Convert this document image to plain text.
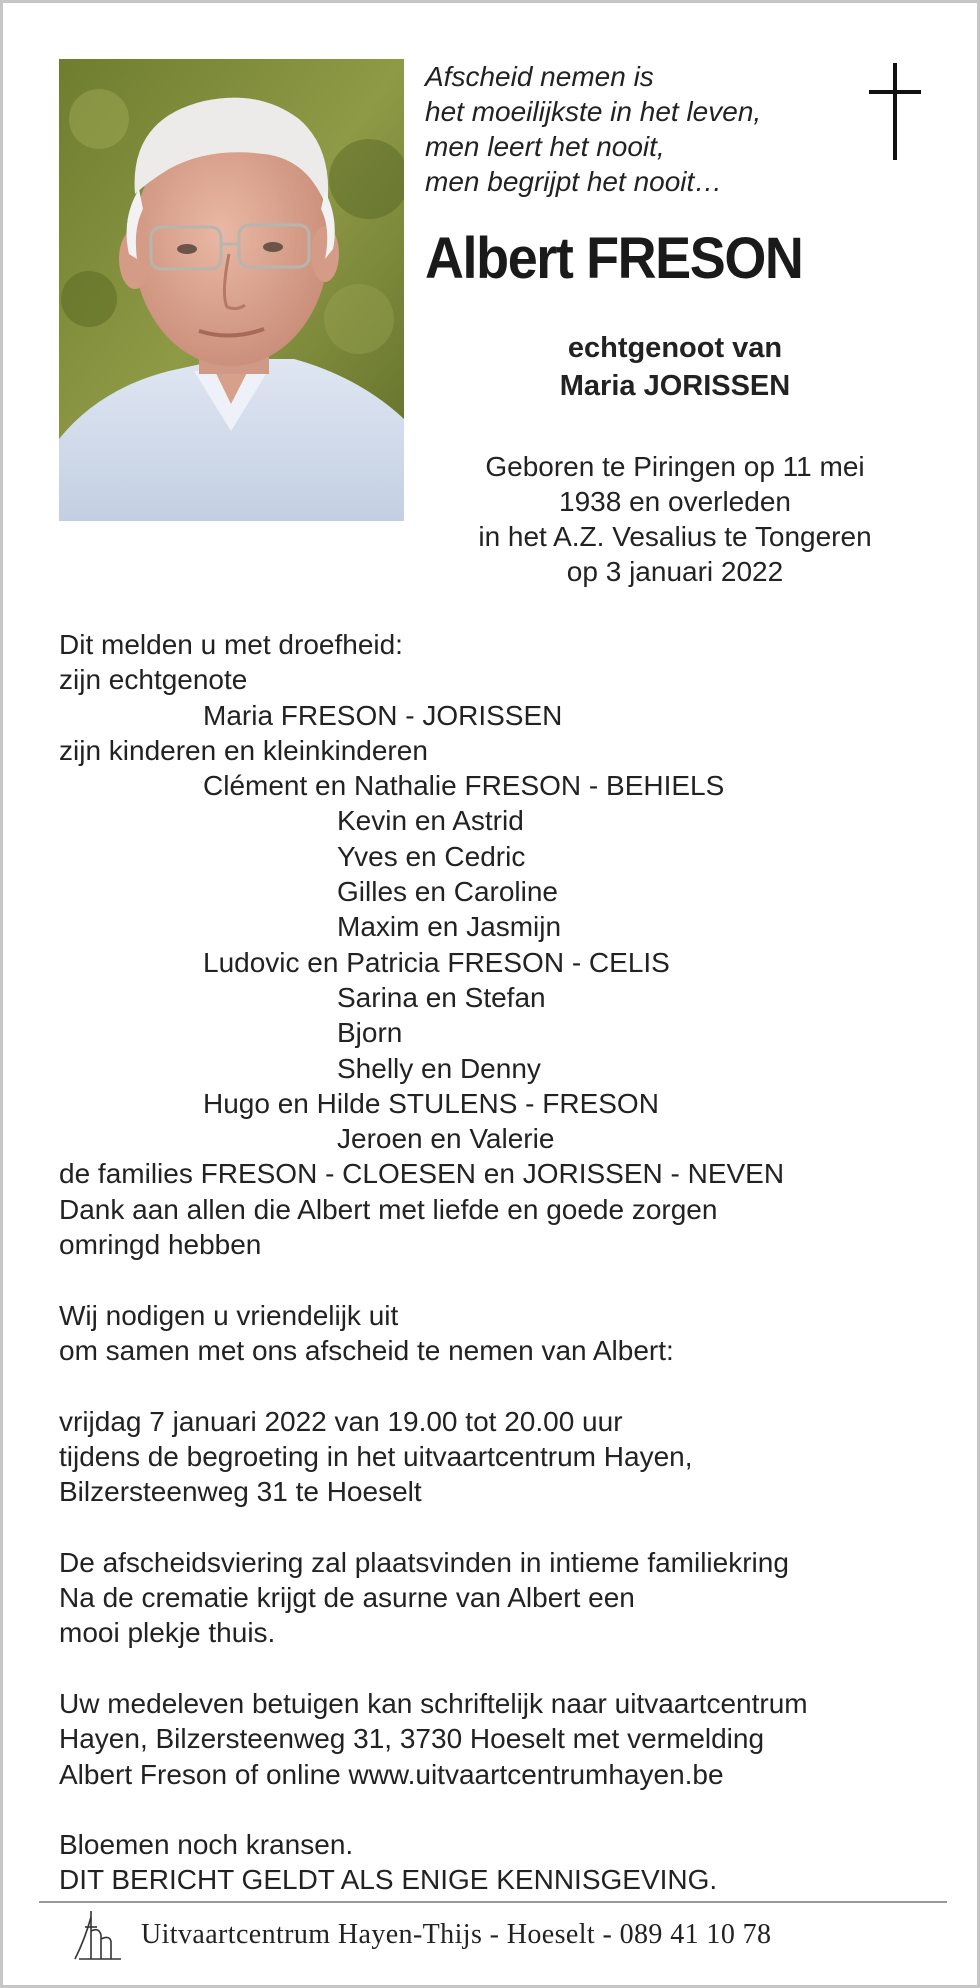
Afscheid nemen is
het moeilijkste in het leven,
men leert het nooit,
men begrijpt het nooit…
Albert FRESON
echtgenoot van
Maria JORISSEN
Geboren te Piringen op 11 mei
1938 en overleden
in het A.Z. Vesalius te Tongeren
op 3 januari 2022
Dit melden u met droefheid:
zijn echtgenote
Maria FRESON - JORISSEN
zijn kinderen en kleinkinderen
Clément en Nathalie FRESON - BEHIELS
Kevin en Astrid
Yves en Cedric
Gilles en Caroline
Maxim en Jasmijn
Ludovic en Patricia FRESON - CELIS
Sarina en Stefan
Bjorn
Shelly en Denny
Hugo en Hilde STULENS - FRESON
Jeroen en Valerie
de families FRESON - CLOESEN en JORISSEN - NEVEN
Dank aan allen die Albert met liefde en goede zorgen
omringd hebben
Wij nodigen u vriendelijk uit
om samen met ons afscheid te nemen van Albert:
vrijdag 7 januari 2022 van 19.00 tot 20.00 uur
tijdens de begroeting in het uitvaartcentrum Hayen,
Bilzersteenweg 31 te Hoeselt
De afscheidsviering zal plaatsvinden in intieme familiekring
Na de crematie krijgt de asurne van Albert een
mooi plekje thuis.
Uw medeleven betuigen kan schriftelijk naar uitvaartcentrum
Hayen, Bilzersteenweg 31, 3730 Hoeselt met vermelding
Albert Freson of online www.uitvaartcentrumhayen.be
Bloemen noch kransen.
DIT BERICHT GELDT ALS ENIGE KENNISGEVING.
Uitvaartcentrum Hayen-Thijs - Hoeselt - 089 41 10 78
